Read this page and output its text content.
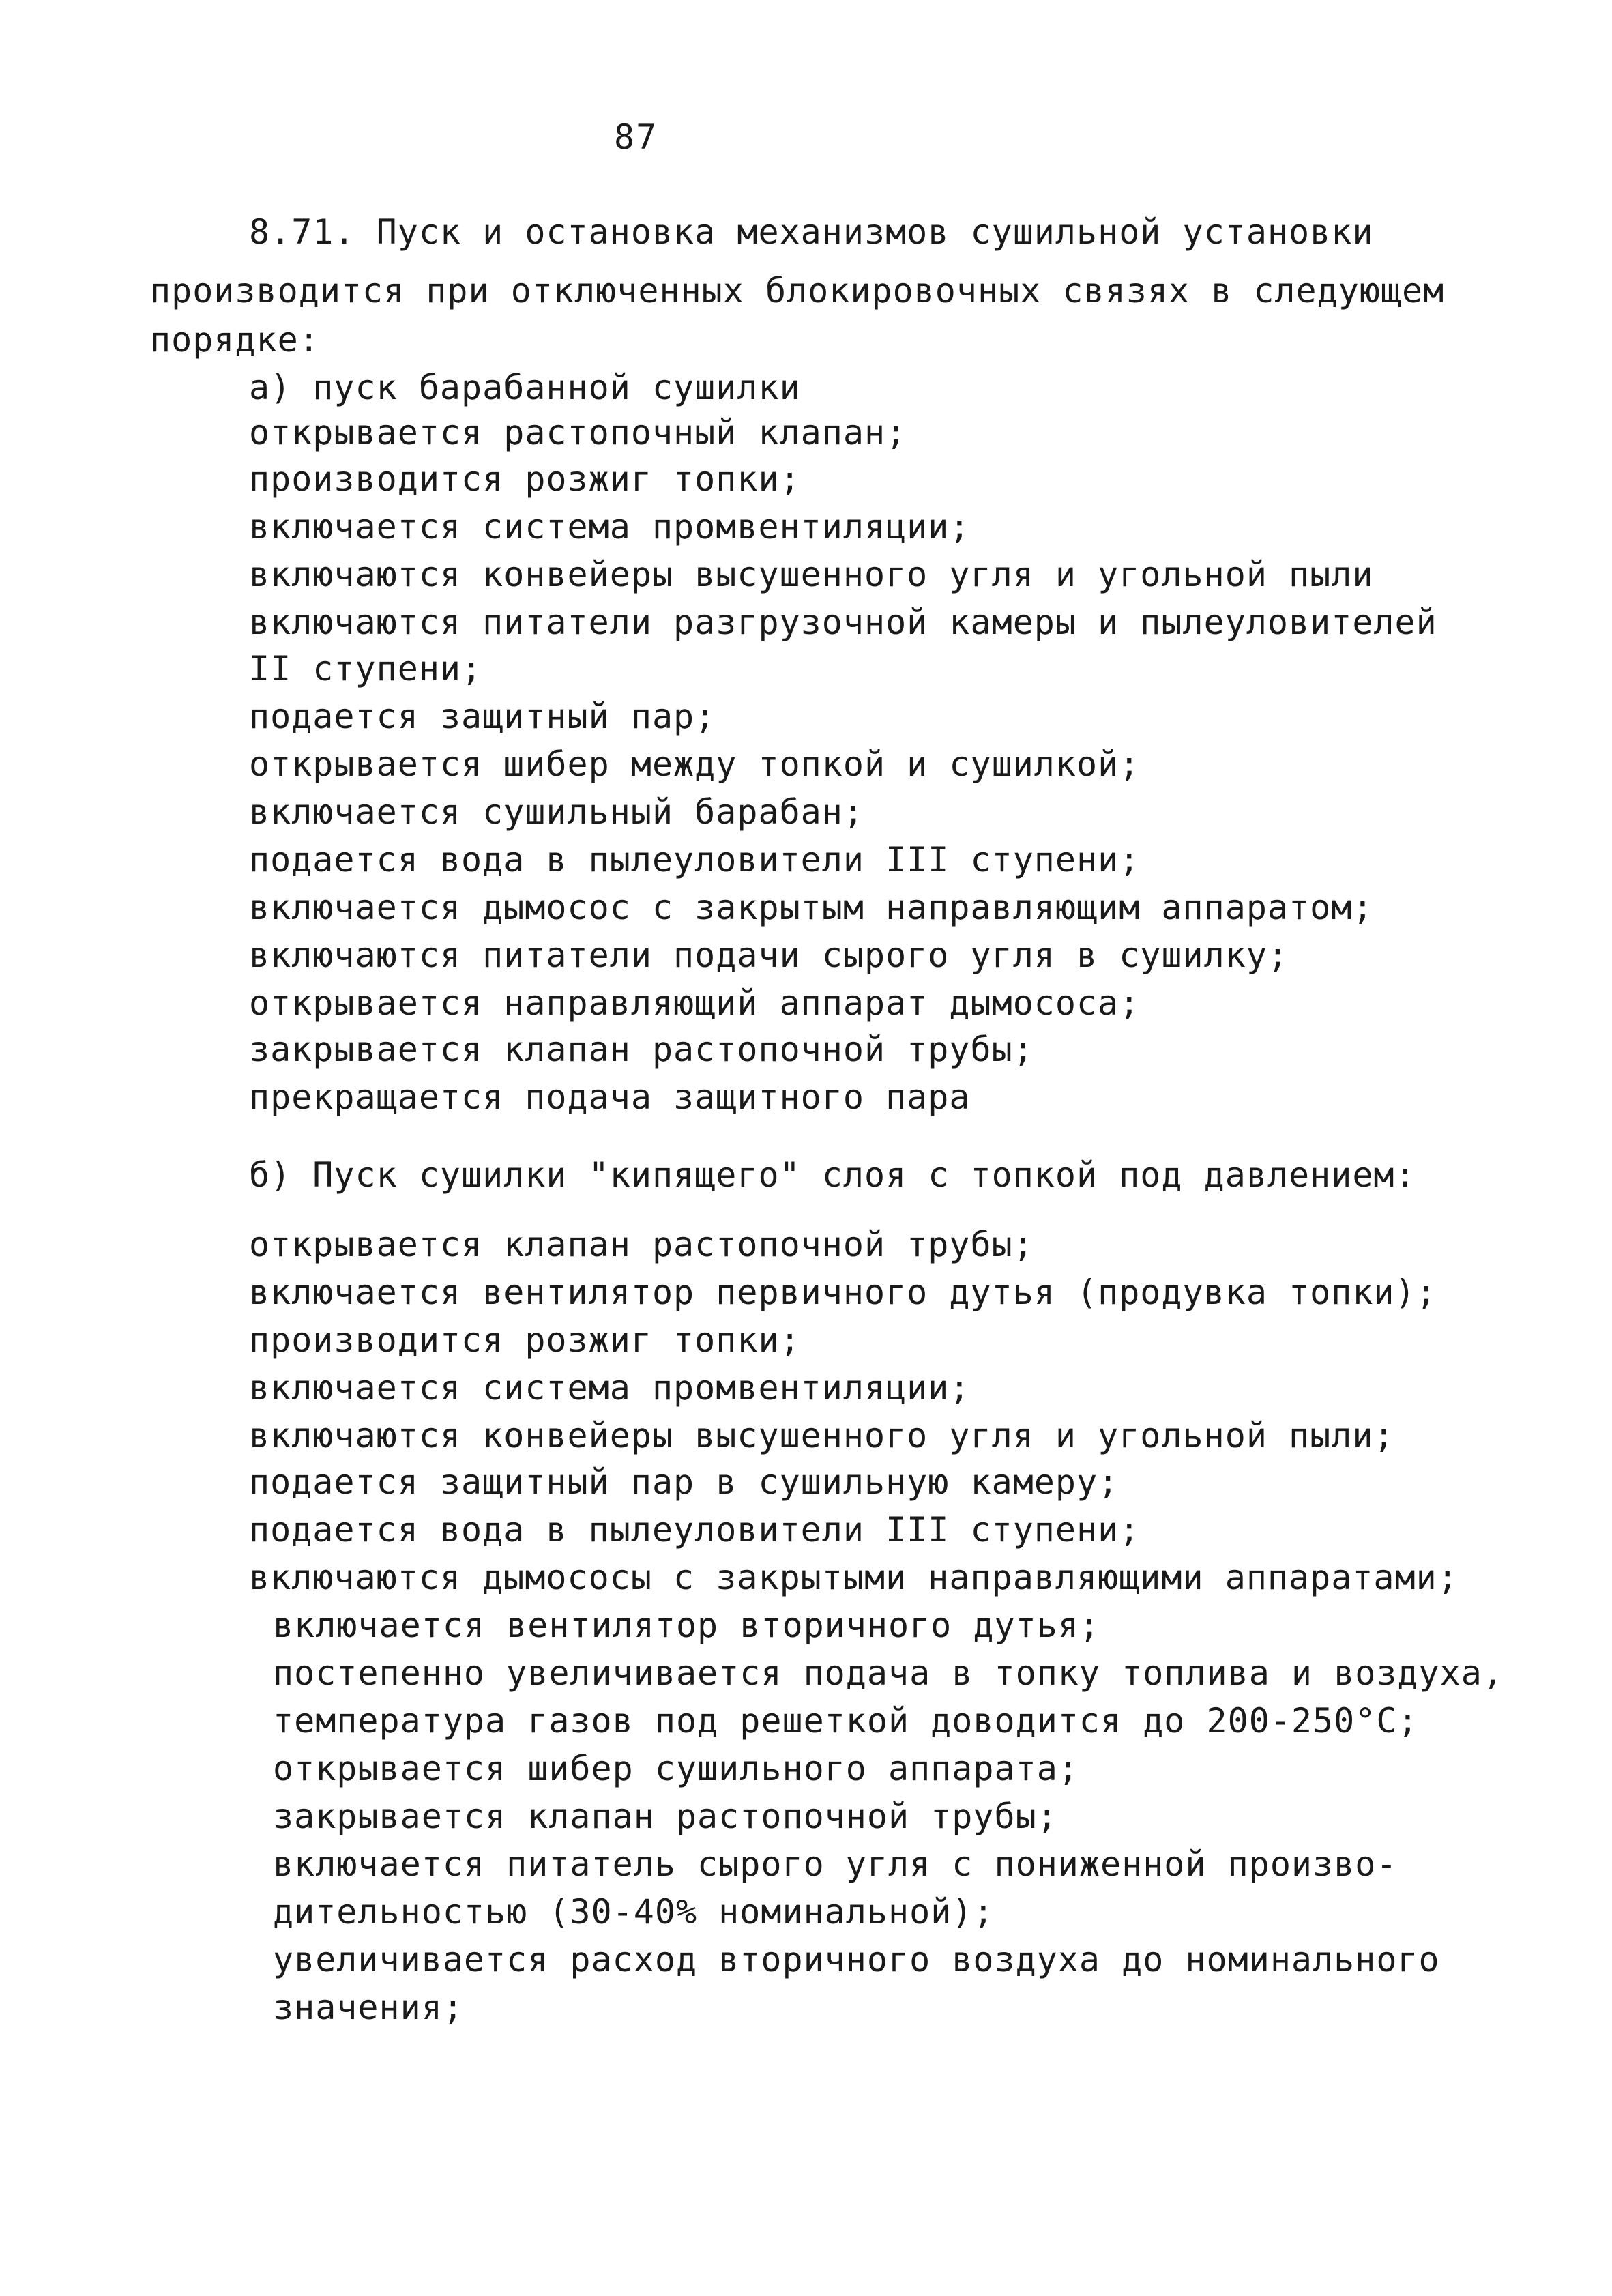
87
8.71. Пуск и остановка механизмов сушильной установки
производится при отключенных блокировочных связях в следующем
порядке:
а) пуск барабанной сушилки
открывается растопочный клапан;
производится розжиг топки;
включается система промвентиляции;
включаются конвейеры высушенного угля и угольной пыли
включаются питатели разгрузочной камеры и пылеуловителей
II ступени;
подается защитный пар;
открывается шибер между топкой и сушилкой;
включается сушильный барабан;
подается вода в пылеуловители III ступени;
включается дымосос с закрытым направляющим аппаратом;
включаются питатели подачи сырого угля в сушилку;
открывается направляющий аппарат дымососа;
закрывается клапан растопочной трубы;
прекращается подача защитного пара
б) Пуск сушилки "кипящего" слоя с топкой под давлением:
открывается клапан растопочной трубы;
включается вентилятор первичного дутья (продувка топки);
производится розжиг топки;
включается система промвентиляции;
включаются конвейеры высушенного угля и угольной пыли;
подается защитный пар в сушильную камеру;
подается вода в пылеуловители III ступени;
включаются дымососы с закрытыми направляющими аппаратами;
включается вентилятор вторичного дутья;
постепенно увеличивается подача в топку топлива и воздуха,
температура газов под решеткой доводится до 200-250°С;
открывается шибер сушильного аппарата;
закрывается клапан растопочной трубы;
включается питатель сырого угля с пониженной произво-
дительностью (30-40% номинальной);
увеличивается расход вторичного воздуха до номинального
значения;
